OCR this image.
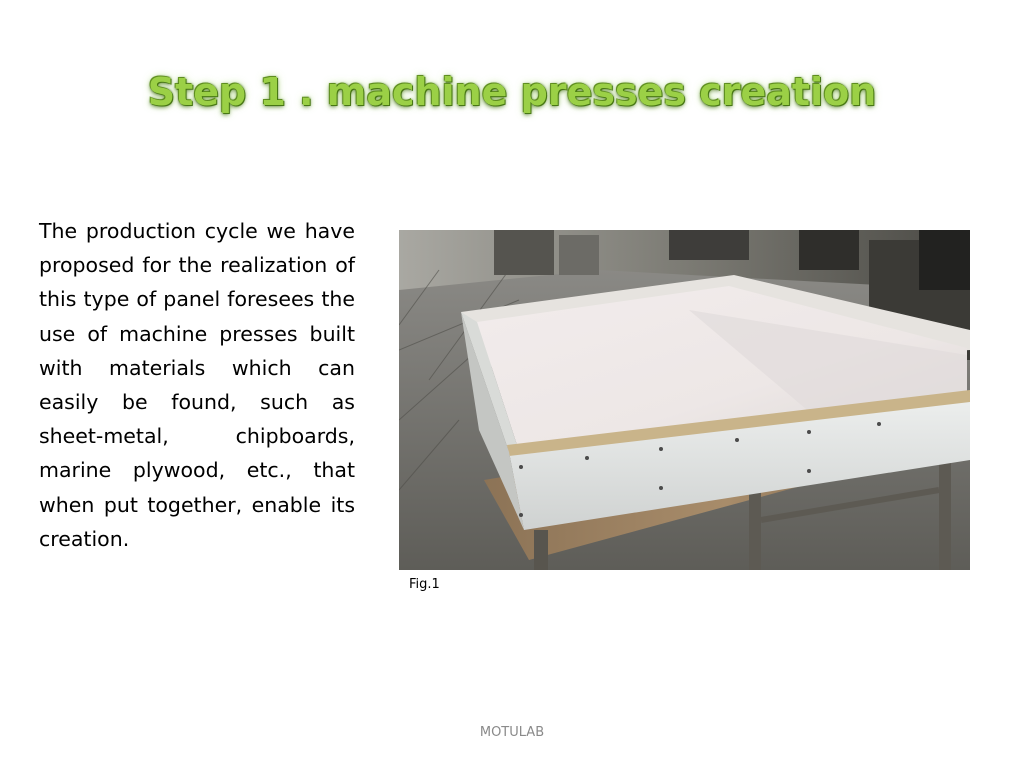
Step 1 . machine presses creation

The production cycle we have proposed for the realization of this type of panel foresees the use of machine presses built with materials which can easily be found, such as sheet-metal, chipboards, marine plywood, etc., that when put together, enable its creation.

Fig.1
MOTULAB
